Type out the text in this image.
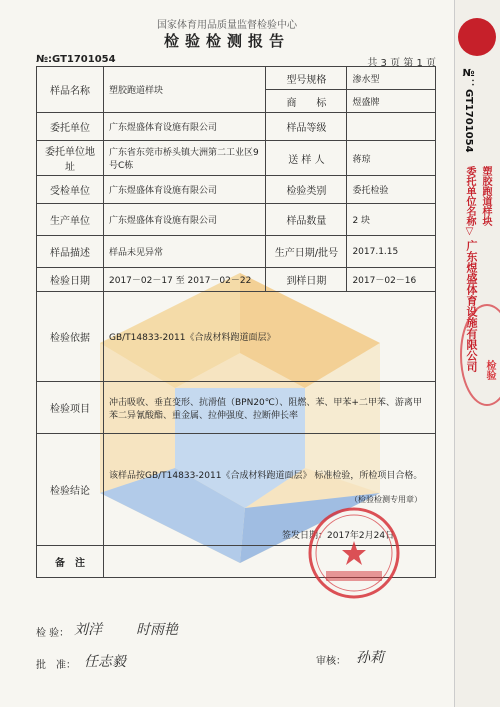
国家体育用品质量监督检验中心
检验检测报告
№:GT1701054	共 3 页 第 1 页
样品名称	塑胶跑道样块	型号规格	渗水型
		商　　标	煜盛牌
委托单位	广东煜盛体育设施有限公司	样品等级	
委托单位地址	广东省东莞市桥头镇大洲第二工业区9号C栋	送 样 人	蒋琼
受检单位	广东煜盛体育设施有限公司	检验类别	委托检验
生产单位	广东煜盛体育设施有限公司	样品数量	2 块
样品描述	样品未见异常	生产日期/批号	2017.1.15
检验日期	2017－02－17 至 2017－02－22	到样日期	2017－02－16
检验依据	GB/T14833-2011《合成材料跑道面层》		
检验项目	冲击吸收、垂直变形、抗滑值（BPN20℃）、阻燃、苯、甲苯+二甲苯、游离甲苯二异氰酸酯、重金属、拉伸强度、拉断伸长率		
检验结论	该样品按GB/T14833-2011《合成材料跑道面层》 标准检验，所检项目合格。
（检验检测专用章）
签发日期：2017年2月24日		

备　注			
检 验： 刘洋 时雨艳
批　准： 任志毅	审核： 孙莉
№：GT1701054
委托单位名称▽ 塑胶跑道样块
广东煜盛体育设施有限公司 检验
